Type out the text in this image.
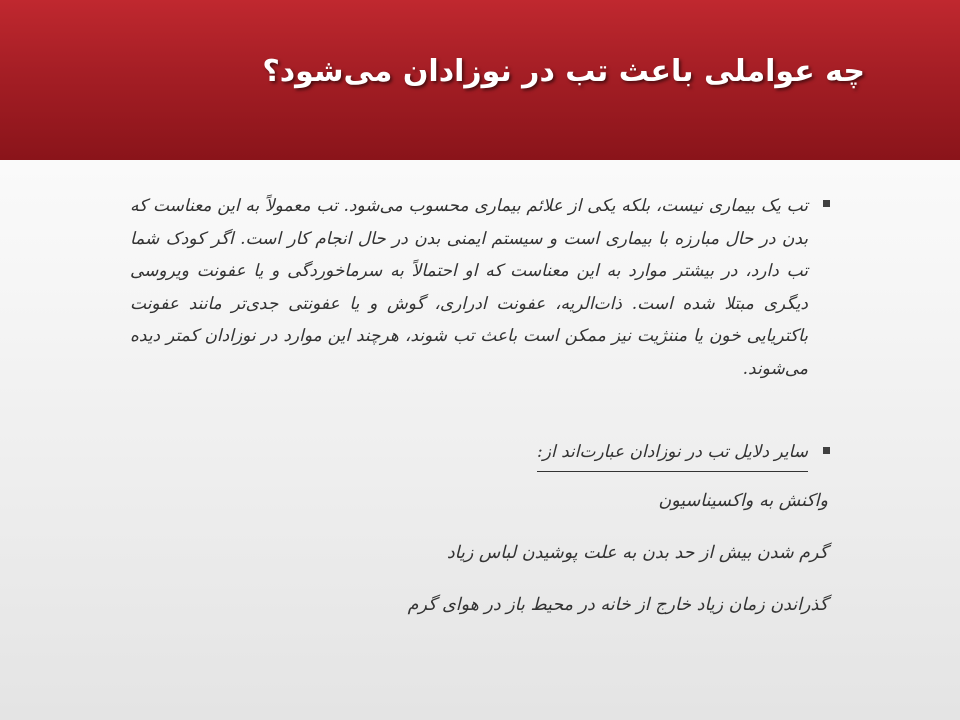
چه عواملی باعث تب در نوزادان می‌شود؟
تب یک بیماری نیست، بلکه یکی از علائم بیماری محسوب می‌شود. تب معمولاً به این معناست که بدن در حال مبارزه با بیماری است و سیستم ایمنی بدن در حال انجام کار است. اگر کودک شما تب دارد، در بیشتر موارد به این معناست که او احتمالاً به سرماخوردگی و یا عفونت ویروسی دیگری مبتلا شده است. ذات‌الریه، عفونت ادراری، گوش و یا عفونتی جدی‌تر مانند عفونت باکتریایی خون یا مننژیت نیز ممکن است باعث تب شوند، هرچند این موارد در نوزادان کمتر دیده می‌شوند.
سایر دلایل تب در نوزادان عبارت‌اند از:
واکنش به واکسیناسیون
گرم شدن بیش از حد بدن به علت پوشیدن لباس زیاد
گذراندن زمان زیاد خارج از خانه در محیط باز در هوای گرم
